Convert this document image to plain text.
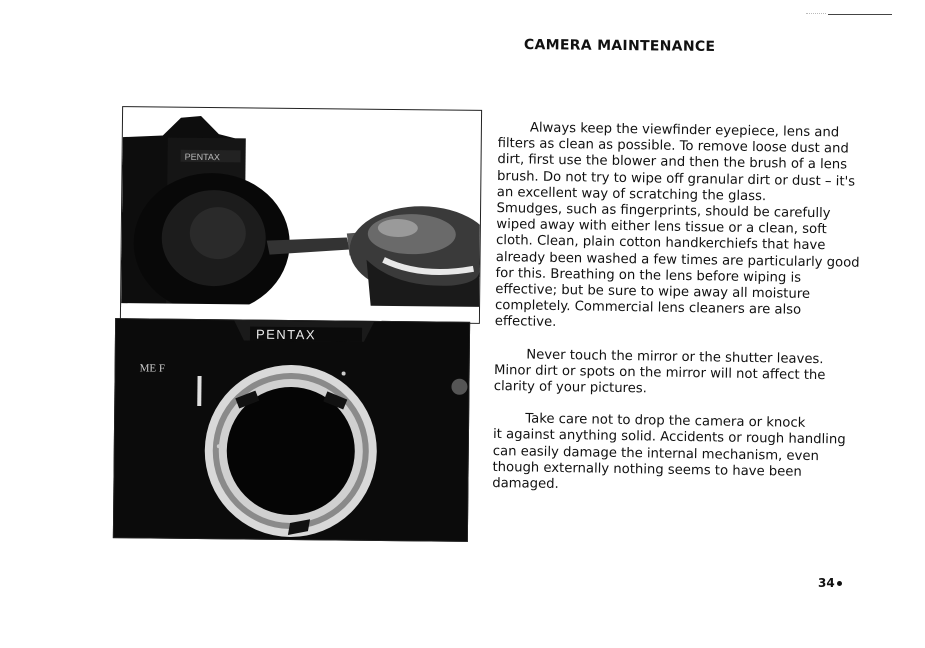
CAMERA MAINTENANCE
PENTAX
PENTAX
ME F

Always keep the viewfinder eyepiece, lens and
filters as clean as possible. To remove loose dust and dirt, first use the blower and then the brush of a lens brush. Do not try to wipe off granular dirt or dust – it's an excellent way of scratching the glass.

Smudges, such as fingerprints, should be carefully wiped away with either lens tissue or a clean, soft cloth. Clean, plain cotton handkerchiefs that have already been washed a few times are particularly good for this. Breathing on the lens before wiping is effective; but be sure to wipe away all moisture completely. Commercial lens cleaners are also effective.

Never touch the mirror or the shutter leaves.
Minor dirt or spots on the mirror will not affect the clarity of your pictures.

Take care not to drop the camera or knock
it against anything solid. Accidents or rough handling can easily damage the internal mechanism, even though externally nothing seems to have been damaged.

34
